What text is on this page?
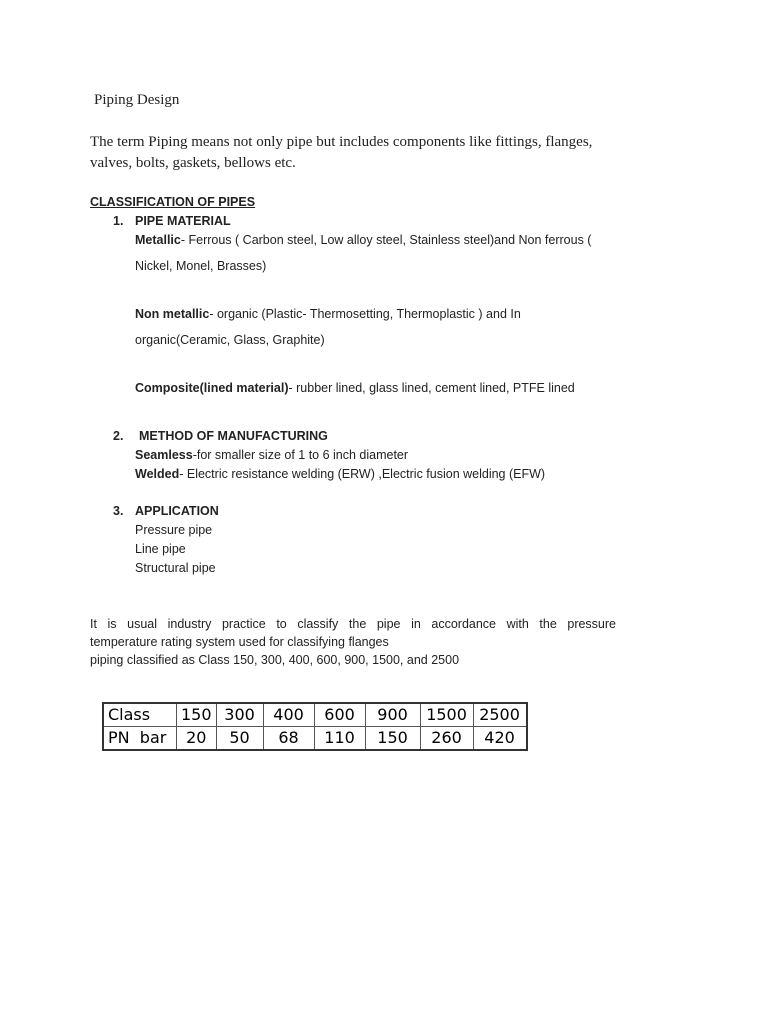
Piping Design
The term Piping means not only pipe but includes components like fittings, flanges,
valves, bolts, gaskets, bellows etc.
CLASSIFICATION OF PIPES
1. PIPE MATERIAL
Metallic- Ferrous ( Carbon steel, Low alloy steel, Stainless steel)and Non ferrous (
Nickel, Monel, Brasses)
Non metallic- organic (Plastic- Thermosetting, Thermoplastic ) and In
organic(Ceramic, Glass, Graphite)
Composite(lined material)- rubber lined, glass lined, cement lined, PTFE lined
2. METHOD OF MANUFACTURING
Seamless-for smaller size of 1 to 6 inch diameter
Welded- Electric resistance welding (ERW) ,Electric fusion welding (EFW)
3. APPLICATION
Pressure pipe
Line pipe
Structural pipe
It is usual industry practice to classify the pipe in accordance with the pressure
temperature rating system used for classifying flanges
piping classified as Class 150, 300, 400, 600, 900, 1500, and 2500
Class	150	300	400	600	900	1500	2500
PN  bar	20	50	68	110	150	260	420
